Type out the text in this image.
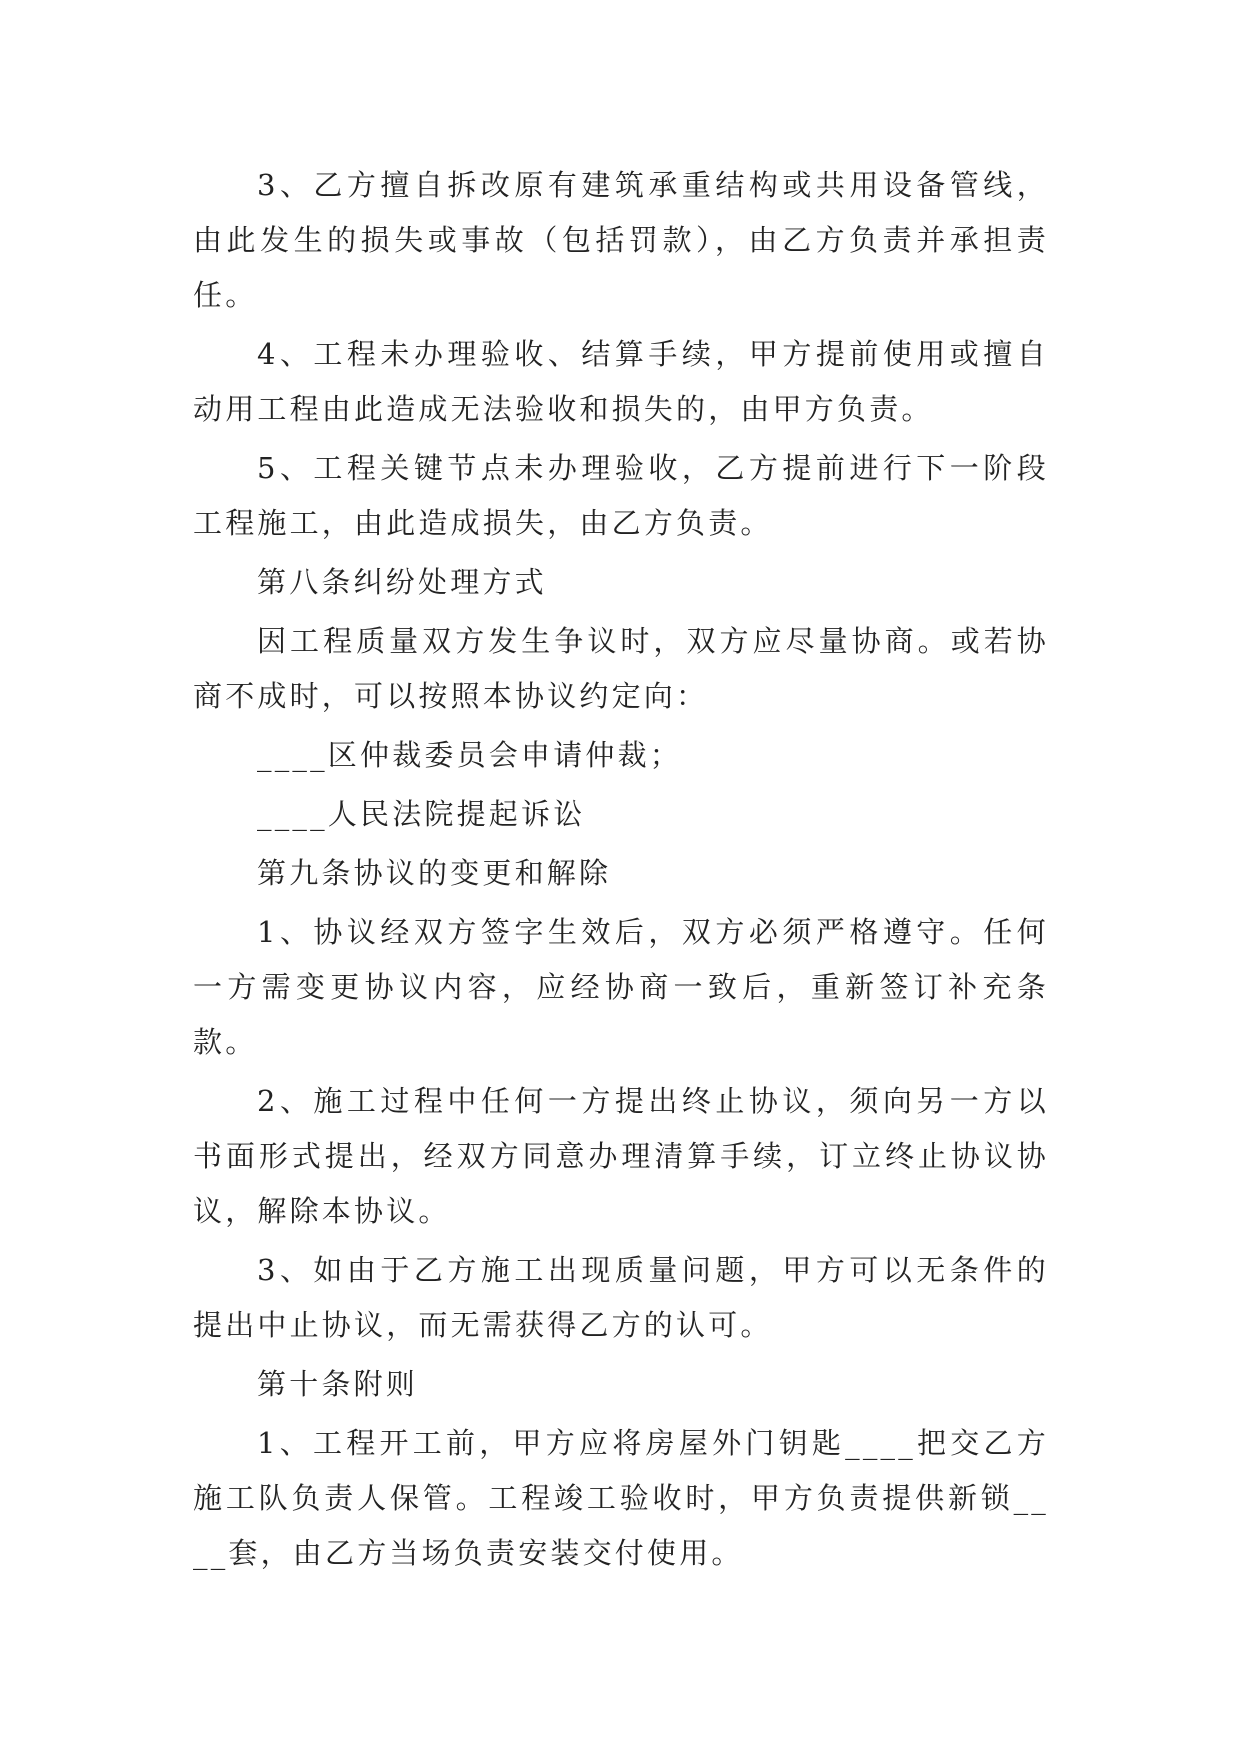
3、乙方擅自拆改原有建筑承重结构或共用设备管线，由此发生的损失或事故（包括罚款），由乙方负责并承担责任。

4、工程未办理验收、结算手续，甲方提前使用或擅自动用工程由此造成无法验收和损失的，由甲方负责。

5、工程关键节点未办理验收，乙方提前进行下一阶段工程施工，由此造成损失，由乙方负责。

第八条纠纷处理方式

因工程质量双方发生争议时，双方应尽量协商。或若协商不成时，可以按照本协议约定向：

____区仲裁委员会申请仲裁；

____人民法院提起诉讼

第九条协议的变更和解除

1、协议经双方签字生效后，双方必须严格遵守。任何一方需变更协议内容，应经协商一致后，重新签订补充条款。

2、施工过程中任何一方提出终止协议，须向另一方以书面形式提出，经双方同意办理清算手续，订立终止协议协议，解除本协议。

3、如由于乙方施工出现质量问题，甲方可以无条件的提出中止协议，而无需获得乙方的认可。

第十条附则

1、工程开工前，甲方应将房屋外门钥匙____把交乙方施工队负责人保管。工程竣工验收时，甲方负责提供新锁____套，由乙方当场负责安装交付使用。
